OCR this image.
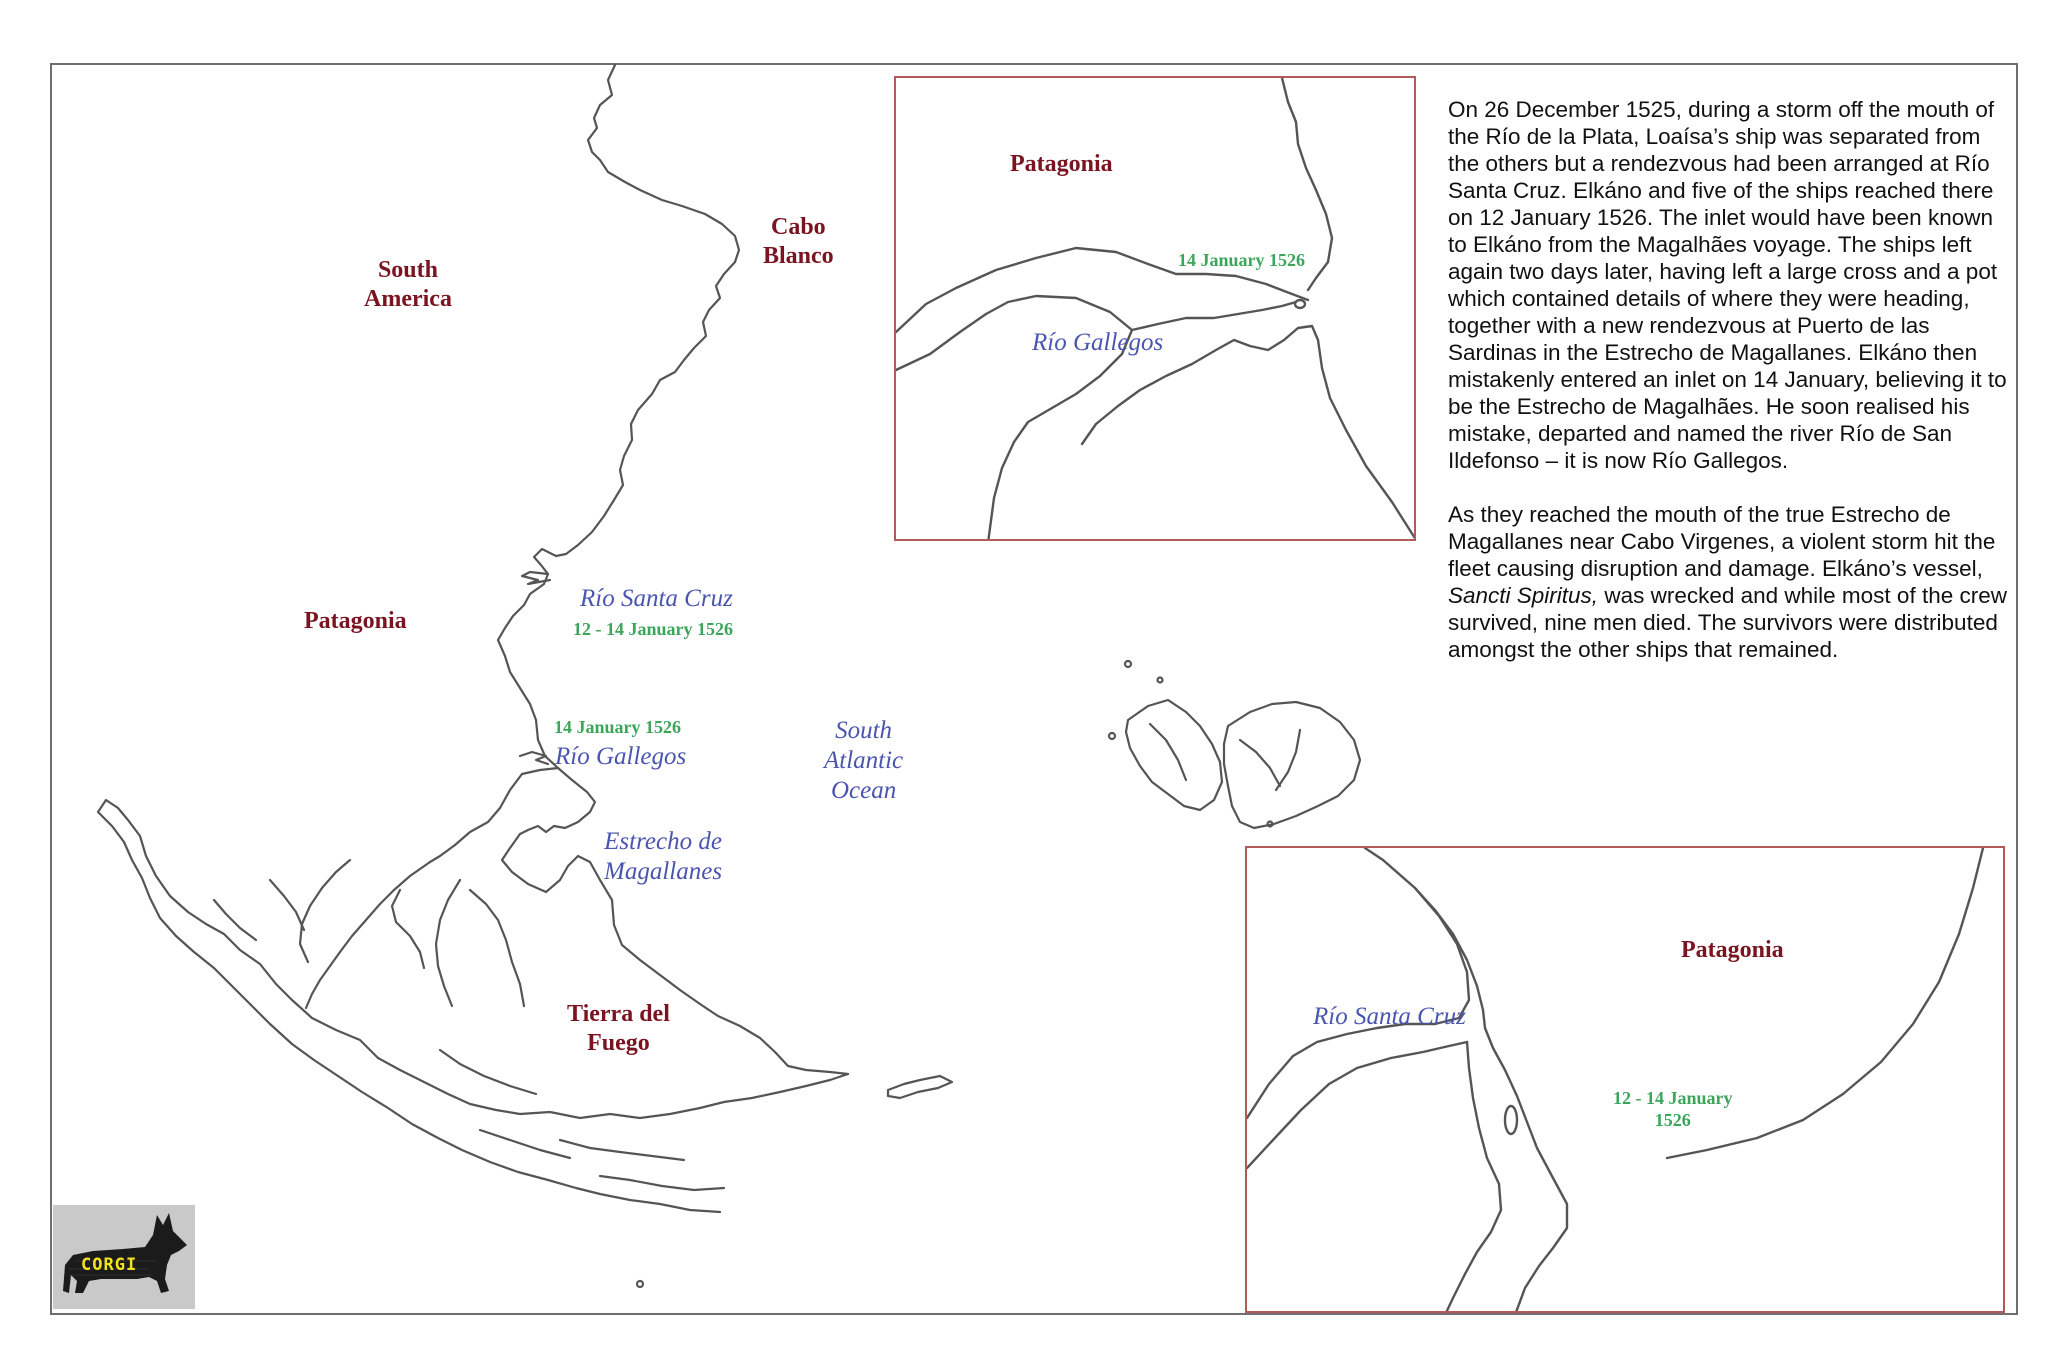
South
America
Cabo
Blanco
Patagonia
Tierra del
Fuego
Río Santa Cruz
12 - 14 January 1526
14 January 1526
Río Gallegos
South
Atlantic
Ocean
Estrecho de
Magallanes
Patagonia
Río Gallegos
14 January 1526
Patagonia
Río Santa Cruz
12 - 14 January
1526

On 26 December 1525, during a storm off the mouth of the Río de la Plata, Loaísa’s ship was separated from the others but a rendezvous had been arranged at Río Santa Cruz. Elkáno and five of the ships reached there on 12 January 1526. The inlet would have been known to Elkáno from the Magalhães voyage. The ships left again two days later, having left a large cross and a pot which contained details of where they were heading, together with a new rendezvous at Puerto de las Sardinas in the Estrecho de Magallanes. Elkáno then mistakenly entered an inlet on 14 January, believing it to be the Estrecho de Magalhães. He soon realised his mistake, departed and named the river Río de San Ildefonso – it is now Río Gallegos.

As they reached the mouth of the true Estrecho de Magallanes near Cabo Virgenes, a violent storm hit the fleet causing disruption and damage. Elkáno’s vessel, Sancti Spiritus, was wrecked and while most of the crew survived, nine men died. The survivors were distributed amongst the other ships that remained.

CORGI
